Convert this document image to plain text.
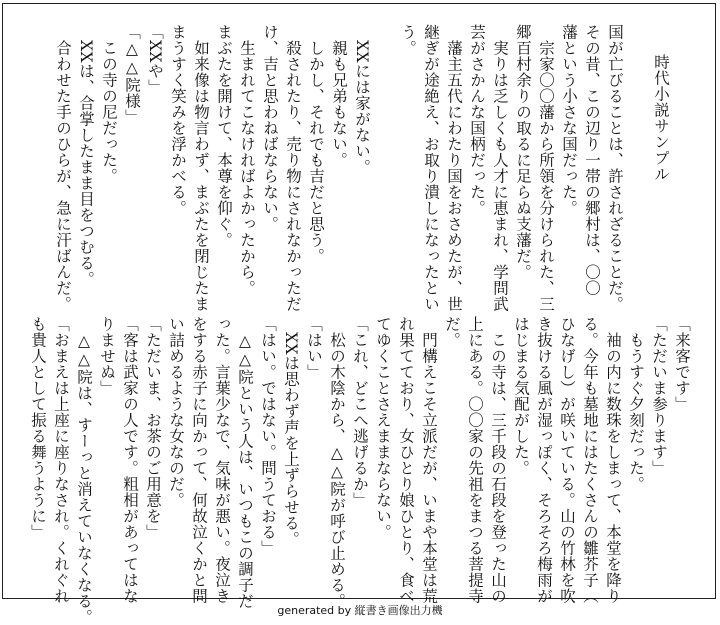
時代小説サンプル

国が亡びることは、許されざることだ。

その昔、この辺り一帯の郷村は、〇〇

藩という小さな国だった。

　宗家〇〇藩から所領を分けられた、三

郷百村余りの取るに足らぬ支藩だ。

　実りは乏しくも人才に恵まれ、学問武

芸がさかんな国柄だった。

　藩主五代にわたり国をおさめたが、世

継ぎが途絶え、お取り潰しになったとい

う。

　XXには家がない。

　親も兄弟もない。

　しかし、それでも吉だと思う。

　殺されたり、売り物にされなかっただ

け、吉と思わねばならない。

　生まれてこなければよかったから。

まぶたを開けて、本尊を仰ぐ。

　如来像は物言わず、まぶたを閉じたま

まうすく笑みを浮かべる。

「XXや」

「△△院様」

　この寺の尼だった。

　XXは、合掌したまま目をつむる。

　合わせた手のひらが、急に汗ばんだ。

「来客です」

「ただいま参ります」

　もうすぐ夕刻だった。

　袖の内に数珠をしまって、本堂を降り

る。今年も墓地にはたくさんの雛芥子（

ひなげし）が咲いている。山の竹林を吹

き抜ける風が湿っぽく、そろそろ梅雨が

はじまる気配がした。

　この寺は、三千段の石段を登った山の

上にある。〇〇家の先祖をまつる菩提寺

だ。

　門構えこそ立派だが、いまや本堂は荒

れ果てており、女ひとり娘ひとり、食べ

てゆくことさえままならない。

「これ、どこへ逃げるか」

　松の木陰から、△△院が呼び止める。

「はい」

　XXは思わず声を上ずらせる。

「はい。ではない。問うておる」

　△△院という人は、いつもこの調子だ

った。言葉少なで、気味が悪い。夜泣き

をする赤子に向かって、何故泣くかと問

い詰めるような女なのだ。

「ただいま、お茶のご用意を」

「客は武家の人です。粗相があってはな

りませぬ」

　△△院は、すーっと消えていなくなる。

「おまえは上座に座りなされ。くれぐれ

も貴人として振る舞うように」

generated by 縦書き画像出力機
